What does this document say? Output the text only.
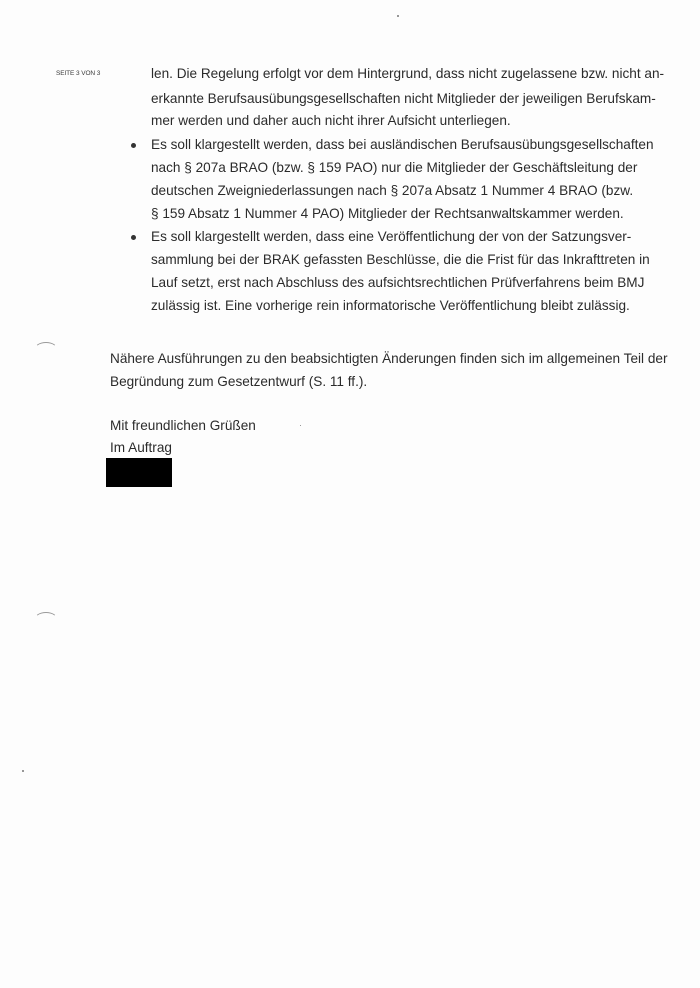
SEITE 3 VON 3	len. Die Regelung erfolgt vor dem Hintergrund, dass nicht zugelassene bzw. nicht an-
erkannte Berufsausübungsgesellschaften nicht Mitglieder der jeweiligen Berufskam-
mer werden und daher auch nicht ihrer Aufsicht unterliegen.
Es soll klargestellt werden, dass bei ausländischen Berufsausübungsgesellschaften
nach § 207a BRAO (bzw. § 159 PAO) nur die Mitglieder der Geschäftsleitung der
deutschen Zweigniederlassungen nach § 207a Absatz 1 Nummer 4 BRAO (bzw.
§ 159 Absatz 1 Nummer 4 PAO) Mitglieder der Rechtsanwaltskammer werden.
Es soll klargestellt werden, dass eine Veröffentlichung der von der Satzungsver-
sammlung bei der BRAK gefassten Beschlüsse, die die Frist für das Inkrafttreten in
Lauf setzt, erst nach Abschluss des aufsichtsrechtlichen Prüfverfahrens beim BMJ
zulässig ist. Eine vorherige rein informatorische Veröffentlichung bleibt zulässig.
Nähere Ausführungen zu den beabsichtigten Änderungen finden sich im allgemeinen Teil der
Begründung zum Gesetzentwurf (S. 11 ff.).
Mit freundlichen Grüßen
Im Auftrag
